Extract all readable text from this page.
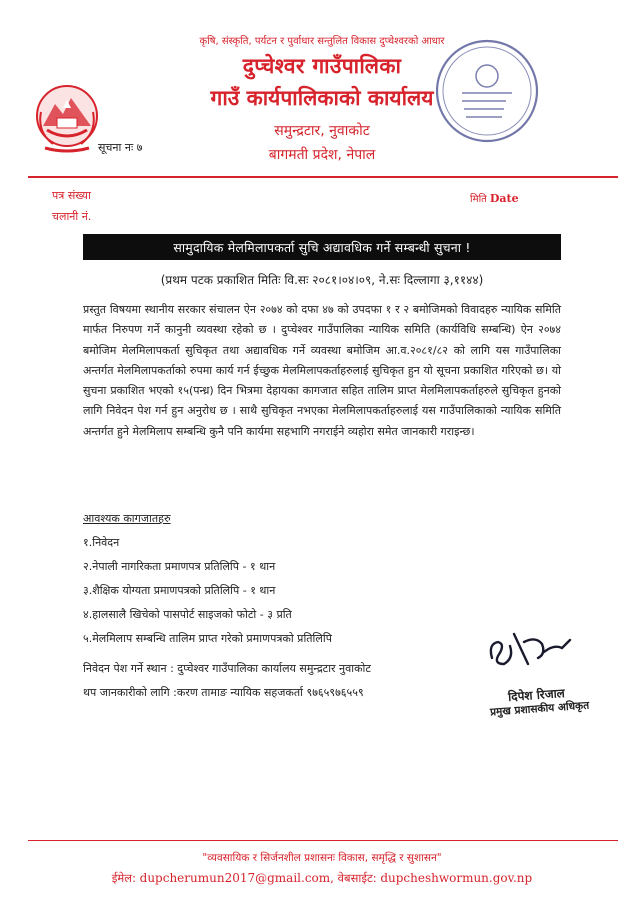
कृषि, संस्कृति, पर्यटन र पुर्वाधार सन्तुलित विकास दुप्चेश्वरको आधार
दुप्चेश्वर गाउँपालिका
गाउँ कार्यपालिकाको कार्यालय
समुन्द्रटार, नुवाकोट
बागमती प्रदेश, नेपाल
सूचना नः ७
पत्र संख्या
चलानी नं.
मिति Date
सामुदायिक मेलमिलापकर्ता सुचि अद्यावधिक गर्ने सम्बन्धी सुचना !
(प्रथम पटक प्रकाशित मितिः वि.सः २०८१।०४।०९, ने.सः दिल्लागा ३,११४४)
प्रस्तुत विषयमा स्थानीय सरकार संचालन ऐन २०७४ को दफा ४७ को उपदफा १ र २ बमोजिमको विवादहरु न्यायिक समिति मार्फत निरुपण गर्ने कानुनी व्यवस्था रहेको छ । दुप्चेश्वर गाउँपालिका न्यायिक समिति (कार्यविधि सम्बन्धि) ऐन २०७४ बमोजिम मेलमिलापकर्ता सुचिकृत तथा अद्यावधिक गर्ने व्यवस्था बमोजिम आ.व.२०८१/८२ को लागि यस गाउँपालिका अन्तर्गत मेलमिलापकर्ताको रुपमा कार्य गर्न ईच्छुक मेलमिलापकर्ताहरुलाई सुचिकृत हुन यो सूचना प्रकाशित गरिएको छ। यो सुचना प्रकाशित भएको १५(पन्ध्र) दिन भित्रमा देहायका कागजात सहित तालिम प्राप्त मेलमिलापकर्ताहरुले सुचिकृत हुनको लागि निवेदन पेश गर्न हुन अनुरोध छ । साथै सुचिकृत नभएका मेलमिलापकर्ताहरुलाई यस गाउँपालिकाको न्यायिक समिति अन्तर्गत हुने मेलमिलाप सम्बन्धि कुनै पनि कार्यमा सहभागि नगराईने व्यहोरा समेत जानकारी गराइन्छ।
आवश्यक कागजातहरु
१.निवेदन
२.नेपाली नागरिकता प्रमाणपत्र प्रतिलिपि - १ थान
३.शैक्षिक योग्यता प्रमाणपत्रको प्रतिलिपि - १ थान
४.हालसालै खिचेको पासपोर्ट साइजको फोटो - ३ प्रति
५.मेलमिलाप सम्बन्धि तालिम प्राप्त गरेको प्रमाणपत्रको प्रतिलिपि
निवेदन पेश गर्ने स्थान : दुप्चेश्वर गाउँपालिका कार्यालय समुन्द्रटार नुवाकोट
थप जानकारीको लागि :करण तामाङ न्यायिक सहजकर्ता ९७६५९७६५५९	दिपेश रिजाल
प्रमुख प्रशासकीय अधिकृत
"व्यवसायिक र सिर्जनशील प्रशासनः विकास, समृद्धि र सुशासन"
ईमेल: dupcherumun2017@gmail.com, वेबसाईट: dupcheshwormun.gov.np
